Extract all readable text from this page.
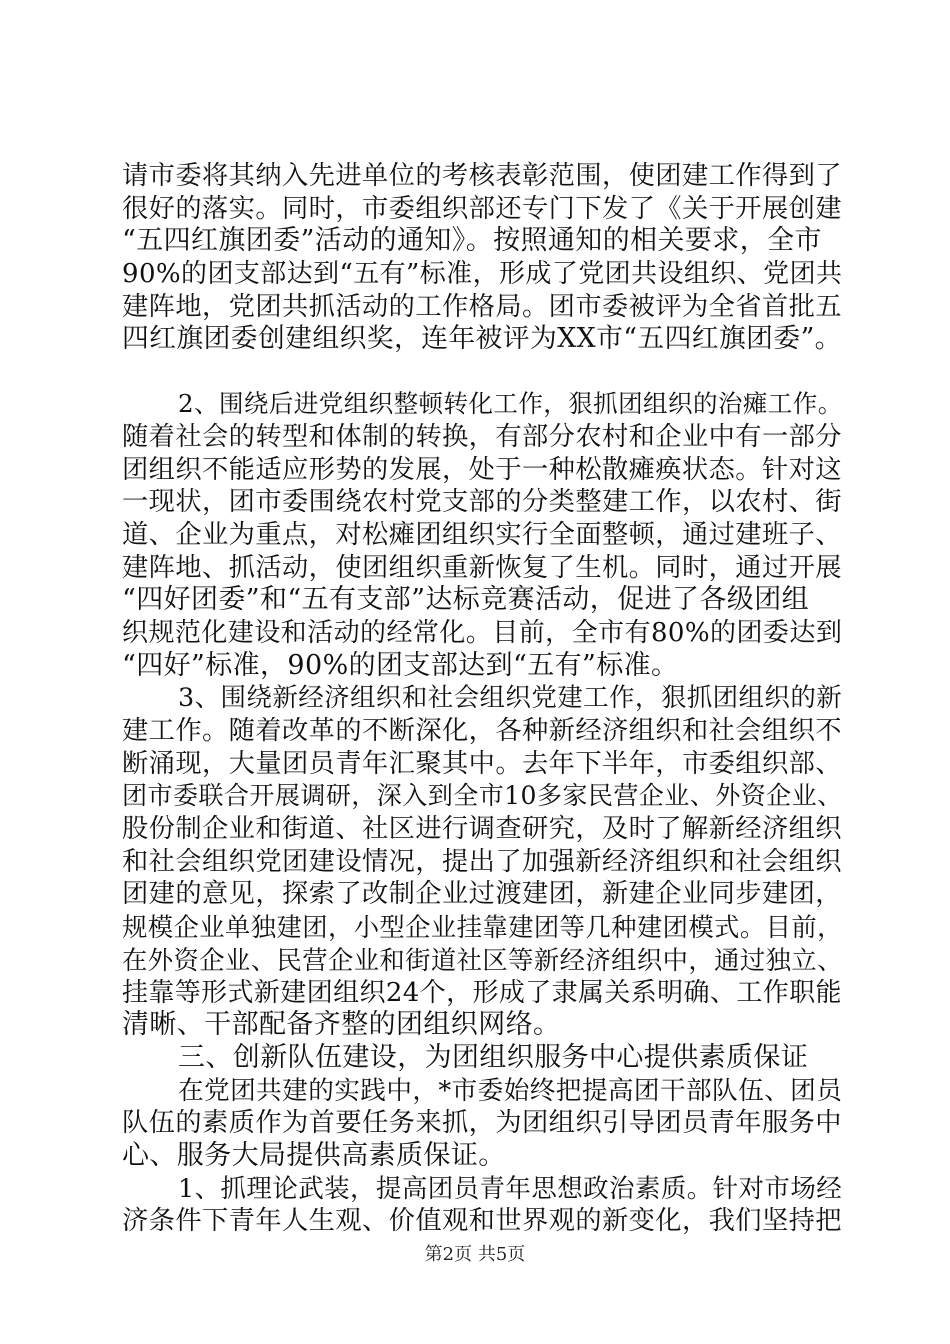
请市委将其纳入先进单位的考核表彰范围，使团建工作得到了
很好的落实。同时，市委组织部还专门下发了《关于开展创建
“五四红旗团委”活动的通知》。按照通知的相关要求，全市
90%的团支部达到“五有”标准，形成了党团共设组织、党团共
建阵地，党团共抓活动的工作格局。团市委被评为全省首批五
四红旗团委创建组织奖，连年被评为XX市“五四红旗团委”。
2、围绕后进党组织整顿转化工作，狠抓团组织的治瘫工作。
随着社会的转型和体制的转换，有部分农村和企业中有一部分
团组织不能适应形势的发展，处于一种松散瘫痪状态。针对这
一现状，团市委围绕农村党支部的分类整建工作，以农村、街
道、企业为重点，对松瘫团组织实行全面整顿，通过建班子、
建阵地、抓活动，使团组织重新恢复了生机。同时，通过开展
“四好团委”和“五有支部”达标竞赛活动，促进了各级团组
织规范化建设和活动的经常化。目前，全市有80%的团委达到
“四好”标准，90%的团支部达到“五有”标准。
3、围绕新经济组织和社会组织党建工作，狠抓团组织的新
建工作。随着改革的不断深化，各种新经济组织和社会组织不
断涌现，大量团员青年汇聚其中。去年下半年，市委组织部、
团市委联合开展调研，深入到全市10多家民营企业、外资企业、
股份制企业和街道、社区进行调查研究，及时了解新经济组织
和社会组织党团建设情况，提出了加强新经济组织和社会组织
团建的意见，探索了改制企业过渡建团，新建企业同步建团，
规模企业单独建团，小型企业挂靠建团等几种建团模式。目前，
在外资企业、民营企业和街道社区等新经济组织中，通过独立、
挂靠等形式新建团组织24个，形成了隶属关系明确、工作职能
清晰、干部配备齐整的团组织网络。
三、创新队伍建设，为团组织服务中心提供素质保证
在党团共建的实践中，*市委始终把提高团干部队伍、团员
队伍的素质作为首要任务来抓，为团组织引导团员青年服务中
心、服务大局提供高素质保证。
1、抓理论武装，提高团员青年思想政治素质。针对市场经
济条件下青年人生观、价值观和世界观的新变化，我们坚持把
第2页 共5页
